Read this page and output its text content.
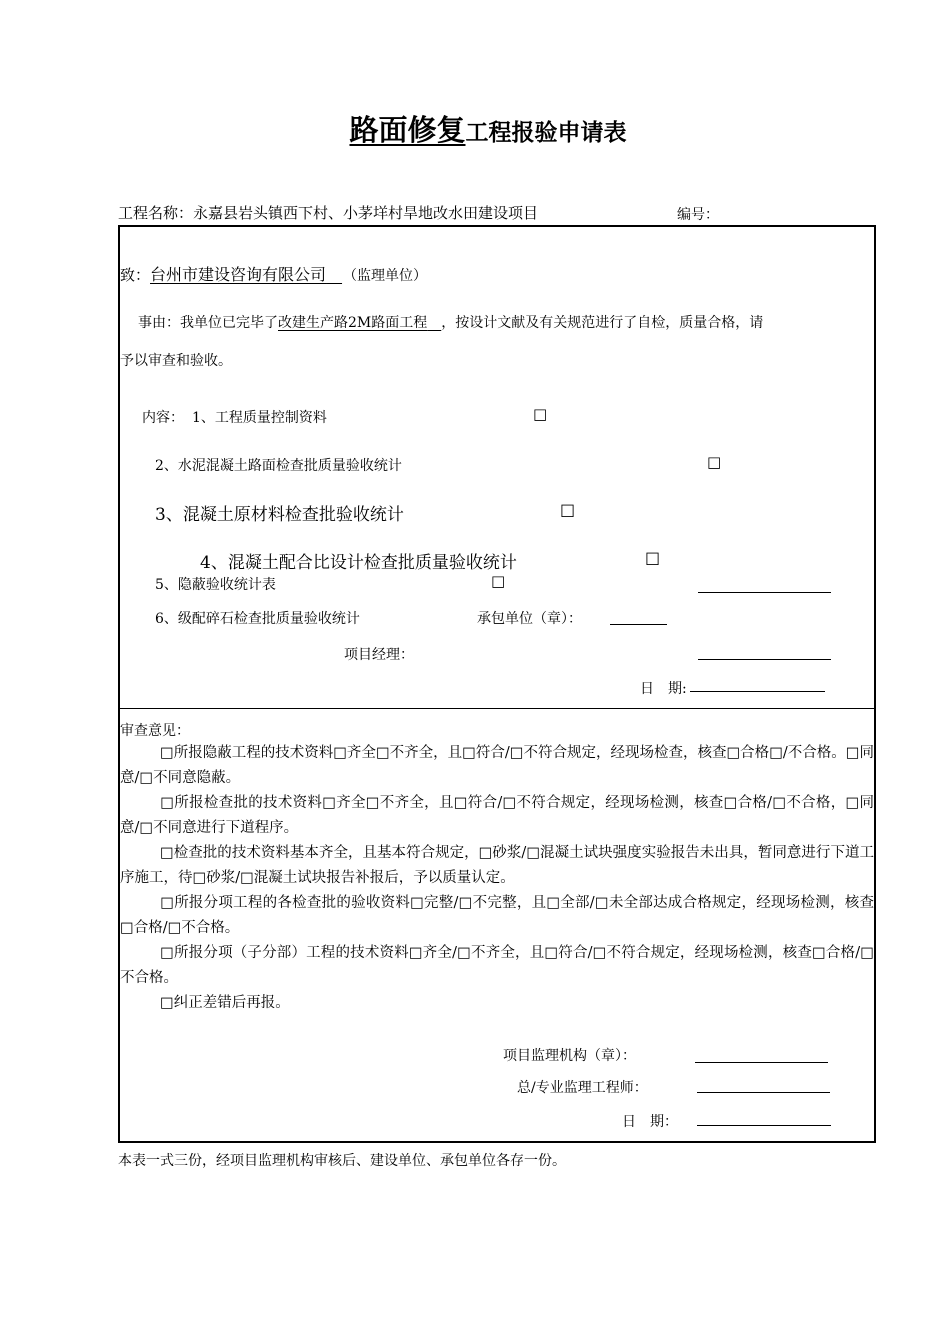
路面修复工程报验申请表
工程名称：永嘉县岩头镇西下村、小茅垟村旱地改水田建设项目	编号：
致：台州市建设咨询有限公司　 （监理单位）
事由：我单位已完毕了改建生产路2M路面工程　 ，按设计文献及有关规范进行了自检，质量合格，请
予以审查和验收。
内容： 1、工程质量控制资料	□
2、水泥混凝土路面检查批质量验收统计	□
3、混凝土原材料检查批验收统计	□
4、混凝土配合比设计检查批质量验收统计	□
5、隐蔽验收统计表	□
6、级配碎石检查批质量验收统计	承包单位（章）：
项目经理：
日　期:
审查意见：
□所报隐蔽工程的技术资料□齐全□不齐全，且□符合/□不符合规定，经现场检查，核查□合格□/不合格。□同意/□不同意隐蔽。
□所报检查批的技术资料□齐全□不齐全，且□符合/□不符合规定，经现场检测，核查□合格/□不合格，□同意/□不同意进行下道程序。
□检查批的技术资料基本齐全，且基本符合规定，□砂浆/□混凝土试块强度实验报告未出具，暂同意进行下道工序施工，待□砂浆/□混凝土试块报告补报后，予以质量认定。
□所报分项工程的各检查批的验收资料□完整/□不完整，且□全部/□未全部达成合格规定，经现场检测，核查□合格/□不合格。
□所报分项（子分部）工程的技术资料□齐全/□不齐全，且□符合/□不符合规定，经现场检测，核查□合格/□不合格。
□纠正差错后再报。
项目监理机构（章）：
总/专业监理工程师：
日　期：
本表一式三份，经项目监理机构审核后、建设单位、承包单位各存一份。
